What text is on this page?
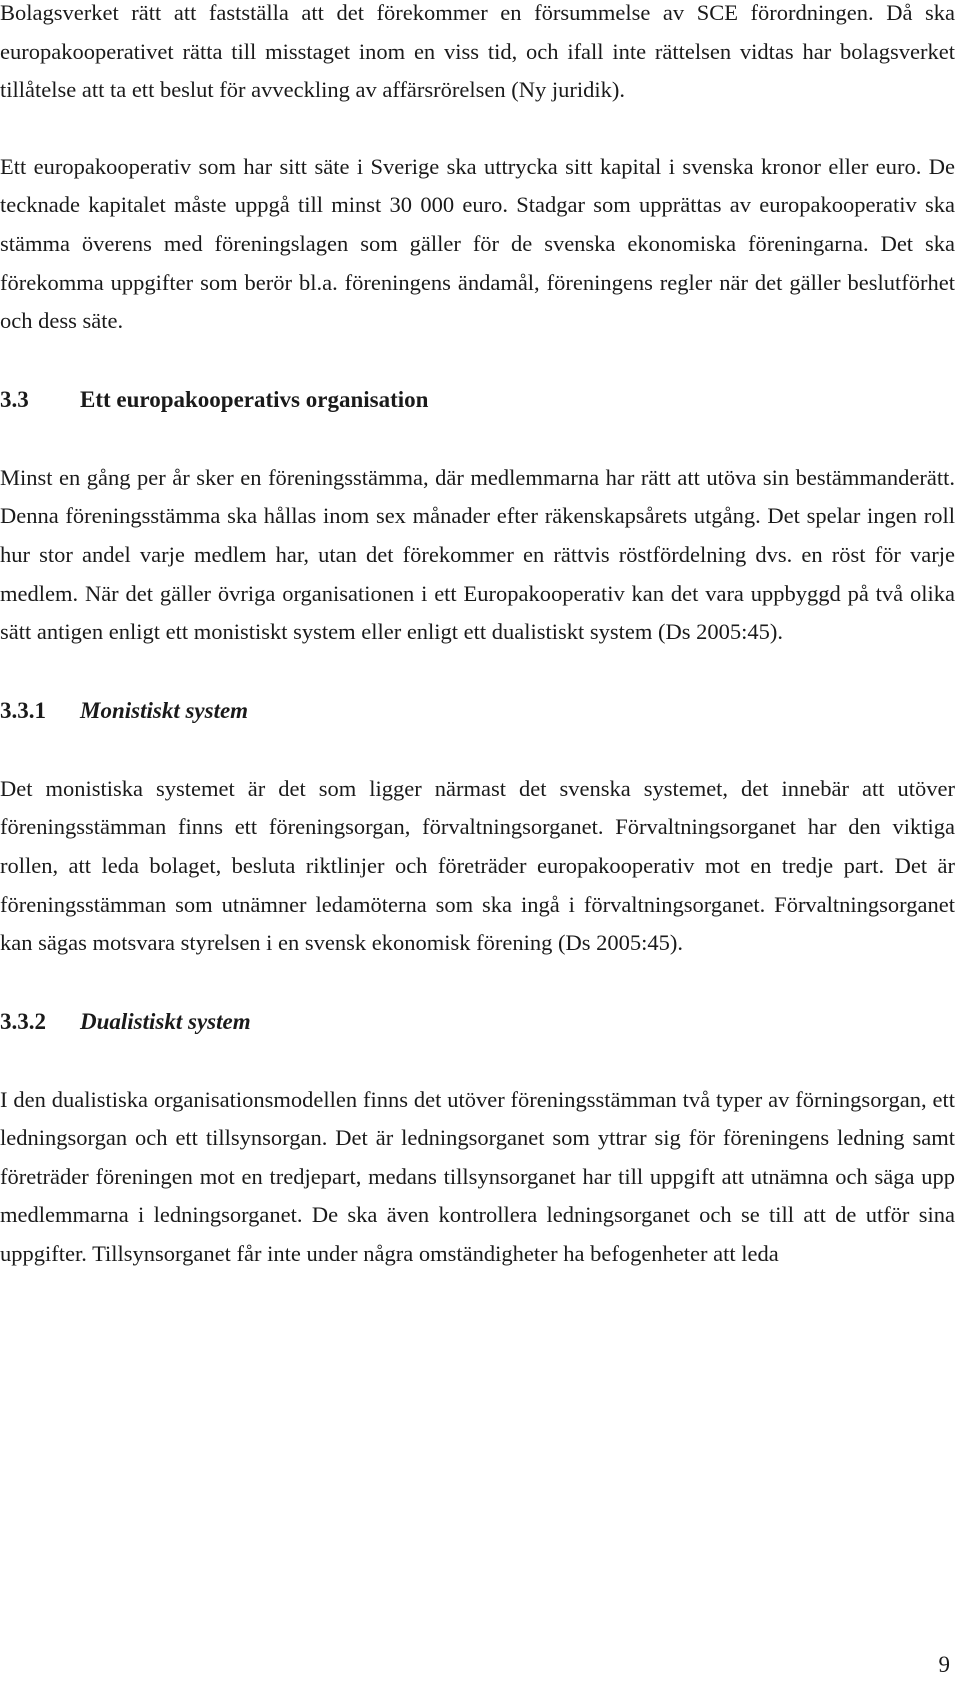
Bolagsverket rätt att fastställa att det förekommer en försummelse av SCE förordningen. Då ska europakooperativet rätta till misstaget inom en viss tid, och ifall inte rättelsen vidtas har bolagsverket tillåtelse att ta ett beslut för avveckling av affärsrörelsen (Ny juridik).

Ett europakooperativ som har sitt säte i Sverige ska uttrycka sitt kapital i svenska kronor eller euro. De tecknade kapitalet måste uppgå till minst 30 000 euro. Stadgar som upprättas av europakooperativ ska stämma överens med föreningslagen som gäller för de svenska ekonomiska föreningarna. Det ska förekomma uppgifter som berör bl.a. föreningens ändamål, föreningens regler när det gäller beslutförhet och dess säte.

3.3	Ett europakooperativs organisation

Minst en gång per år sker en föreningsstämma, där medlemmarna har rätt att utöva sin bestämmanderätt. Denna föreningsstämma ska hållas inom sex månader efter räkenskapsårets utgång. Det spelar ingen roll hur stor andel varje medlem har, utan det förekommer en rättvis röstfördelning dvs. en röst för varje medlem. När det gäller övriga organisationen i ett Europakooperativ kan det vara uppbyggd på två olika sätt antigen enligt ett monistiskt system eller enligt ett dualistiskt system (Ds 2005:45).

3.3.1	Monistiskt system

Det monistiska systemet är det som ligger närmast det svenska systemet, det innebär att utöver föreningsstämman finns ett föreningsorgan, förvaltningsorganet. Förvaltningsorganet har den viktiga rollen, att leda bolaget, besluta riktlinjer och företräder europakooperativ mot en tredje part. Det är föreningsstämman som utnämner ledamöterna som ska ingå i förvaltningsorganet. Förvaltningsorganet kan sägas motsvara styrelsen i en svensk ekonomisk förening (Ds 2005:45).

3.3.2	Dualistiskt system

I den dualistiska organisationsmodellen finns det utöver föreningsstämman två typer av förningsorgan, ett ledningsorgan och ett tillsynsorgan. Det är ledningsorganet som yttrar sig för föreningens ledning samt företräder föreningen mot en tredjepart, medans tillsynsorganet har till uppgift att utnämna och säga upp medlemmarna i ledningsorganet. De ska även kontrollera ledningsorganet och se till att de utför sina uppgifter. Tillsynsorganet får inte under några omständigheter ha befogenheter att leda

9
